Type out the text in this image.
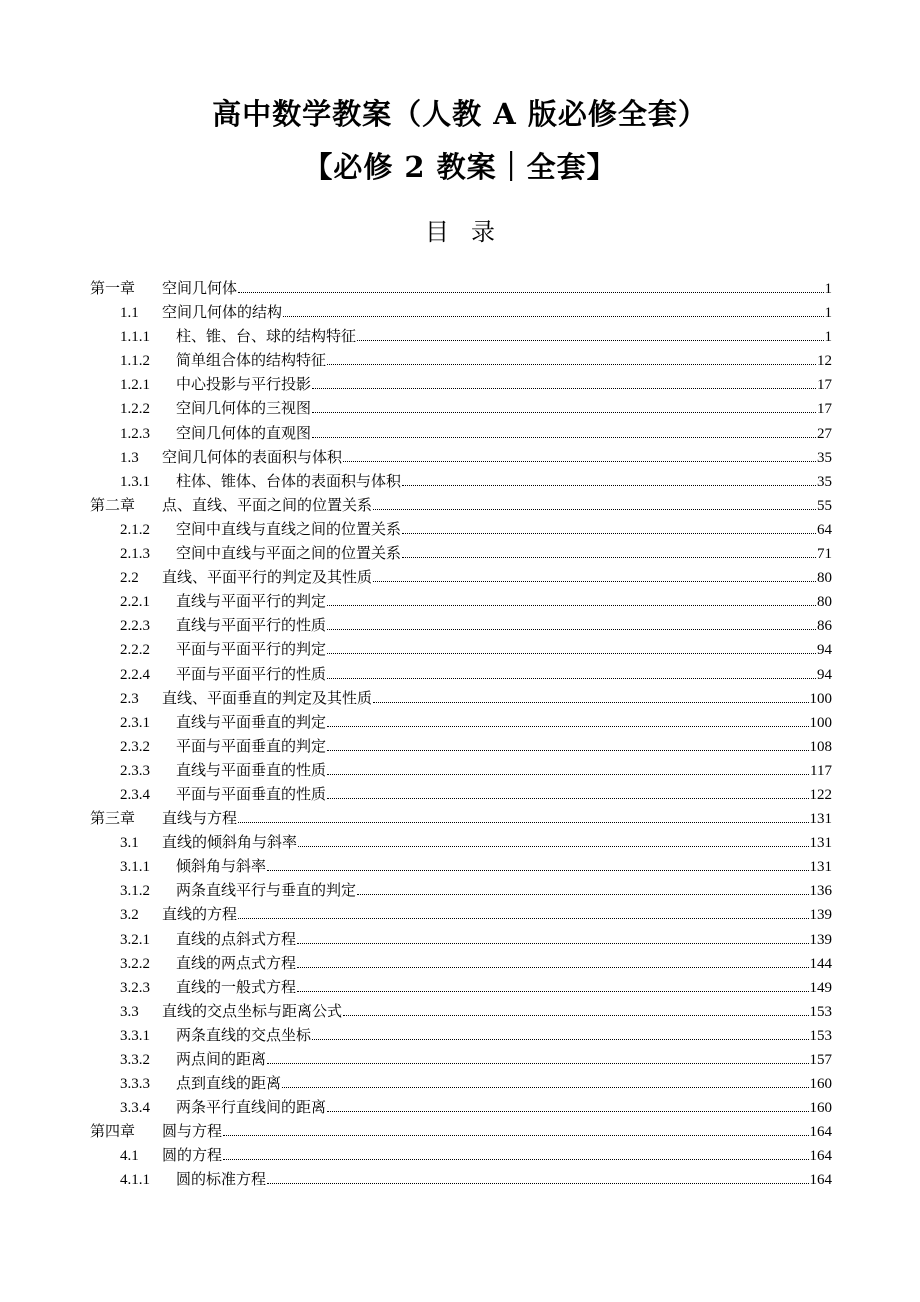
高中数学教案（人教 A 版必修全套）
【必修 2 教案｜全套】
目录
第一章	空间几何体	1
1.1	空间几何体的结构	1
1.1.1	柱、锥、台、球的结构特征	1
1.1.2	简单组合体的结构特征	12
1.2.1	中心投影与平行投影	17
1.2.2	空间几何体的三视图	17
1.2.3	空间几何体的直观图	27
1.3	空间几何体的表面积与体积	35
1.3.1	柱体、锥体、台体的表面积与体积	35
第二章	点、直线、平面之间的位置关系	55
2.1.2	空间中直线与直线之间的位置关系	64
2.1.3	空间中直线与平面之间的位置关系	71
2.2	直线、平面平行的判定及其性质	80
2.2.1	直线与平面平行的判定	80
2.2.3	直线与平面平行的性质	86
2.2.2	平面与平面平行的判定	94
2.2.4	平面与平面平行的性质	94
2.3	直线、平面垂直的判定及其性质	100
2.3.1	直线与平面垂直的判定	100
2.3.2	平面与平面垂直的判定	108
2.3.3	直线与平面垂直的性质	117
2.3.4	平面与平面垂直的性质	122
第三章	直线与方程	131
3.1	直线的倾斜角与斜率	131
3.1.1	倾斜角与斜率	131
3.1.2	两条直线平行与垂直的判定	136
3.2	直线的方程	139
3.2.1	直线的点斜式方程	139
3.2.2	直线的两点式方程	144
3.2.3	直线的一般式方程	149
3.3	直线的交点坐标与距离公式	153
3.3.1	两条直线的交点坐标	153
3.3.2	两点间的距离	157
3.3.3	点到直线的距离	160
3.3.4	两条平行直线间的距离	160
第四章	圆与方程	164
4.1	圆的方程	164
4.1.1	圆的标准方程	164
